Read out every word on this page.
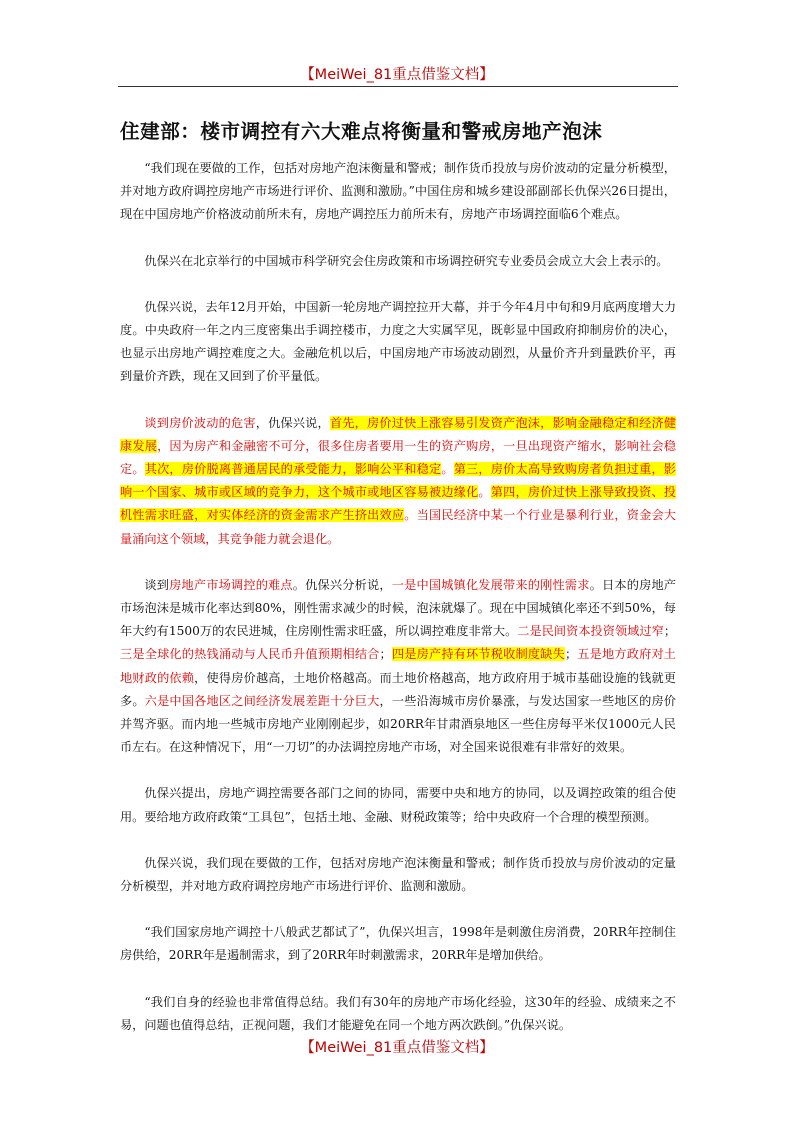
【MeiWei_81重点借鉴文档】
住建部：楼市调控有六大难点将衡量和警戒房地产泡沫

“我们现在要做的工作，包括对房地产泡沫衡量和警戒；制作货币投放与房价波动的定量分析模型，并对地方政府调控房地产市场进行评价、监测和激励。”中国住房和城乡建设部副部长仇保兴26日提出，现在中国房地产价格波动前所未有，房地产调控压力前所未有，房地产市场调控面临6个难点。

仇保兴在北京举行的中国城市科学研究会住房政策和市场调控研究专业委员会成立大会上表示的。

仇保兴说，去年12月开始，中国新一轮房地产调控拉开大幕，并于今年4月中旬和9月底两度增大力度。中央政府一年之内三度密集出手调控楼市，力度之大实属罕见，既彰显中国政府抑制房价的决心，也显示出房地产调控难度之大。金融危机以后，中国房地产市场波动剧烈，从量价齐升到量跌价平，再到量价齐跌，现在又回到了价平量低。

谈到房价波动的危害，仇保兴说，首先，房价过快上涨容易引发资产泡沫，影响金融稳定和经济健康发展，因为房产和金融密不可分，很多住房者要用一生的资产购房，一旦出现资产缩水，影响社会稳定。其次，房价脱离普通居民的承受能力，影响公平和稳定。第三，房价太高导致购房者负担过重，影响一个国家、城市或区域的竞争力，这个城市或地区容易被边缘化。第四，房价过快上涨导致投资、投机性需求旺盛，对实体经济的资金需求产生挤出效应。当国民经济中某一个行业是暴利行业，资金会大量涌向这个领域，其竞争能力就会退化。

谈到房地产市场调控的难点。仇保兴分析说，一是中国城镇化发展带来的刚性需求。日本的房地产市场泡沫是城市化率达到80%，刚性需求减少的时候，泡沫就爆了。现在中国城镇化率还不到50%，每年大约有1500万的农民进城，住房刚性需求旺盛，所以调控难度非常大。二是民间资本投资领域过窄；三是全球化的热钱涌动与人民币升值预期相结合；四是房产持有环节税收制度缺失；五是地方政府对土地财政的依赖，使得房价越高，土地价格越高。而土地价格越高，地方政府用于城市基础设施的钱就更多。六是中国各地区之间经济发展差距十分巨大，一些沿海城市房价暴涨，与发达国家一些地区的房价并驾齐驱。而内地一些城市房地产业刚刚起步，如20RR年甘肃酒泉地区一些住房每平米仅1000元人民币左右。在这种情况下，用“一刀切”的办法调控房地产市场，对全国来说很难有非常好的效果。

仇保兴提出，房地产调控需要各部门之间的协同，需要中央和地方的协同，以及调控政策的组合使用。要给地方政府政策“工具包”，包括土地、金融、财税政策等；给中央政府一个合理的模型预测。

仇保兴说，我们现在要做的工作，包括对房地产泡沫衡量和警戒；制作货币投放与房价波动的定量分析模型，并对地方政府调控房地产市场进行评价、监测和激励。

“我们国家房地产调控十八般武艺都试了”，仇保兴坦言，1998年是刺激住房消费，20RR年控制住房供给，20RR年是遏制需求，到了20RR年时刺激需求，20RR年是增加供给。

“我们自身的经验也非常值得总结。我们有30年的房地产市场化经验，这30年的经验、成绩来之不易，问题也值得总结，正视问题，我们才能避免在同一个地方两次跌倒。”仇保兴说。

【MeiWei_81重点借鉴文档】
